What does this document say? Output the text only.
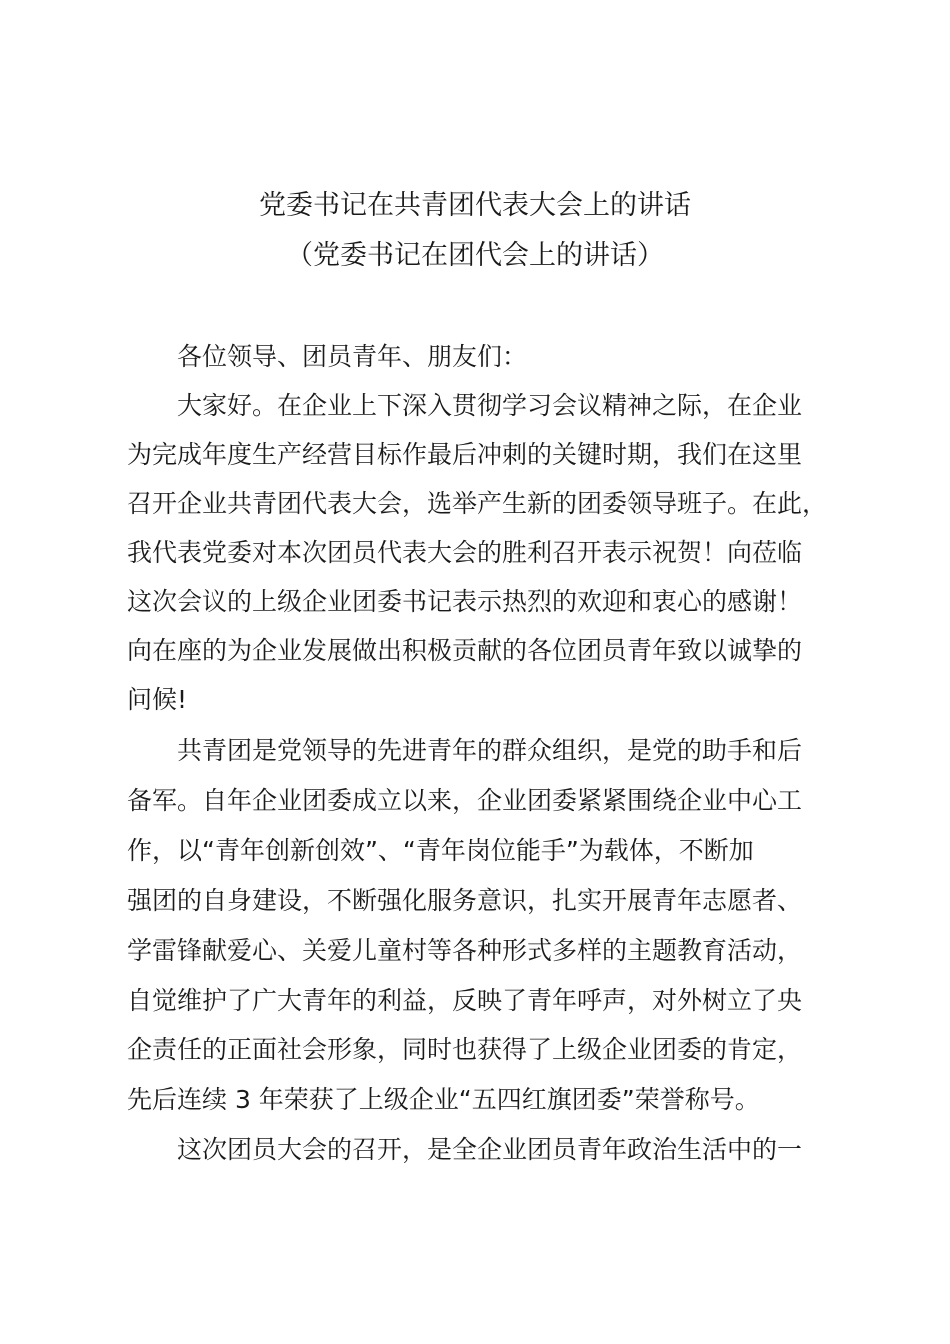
党委书记在共青团代表大会上的讲话
（党委书记在团代会上的讲话）
各位领导、团员青年、朋友们：
大家好。在企业上下深入贯彻学习会议精神之际，在企业
为完成年度生产经营目标作最后冲刺的关键时期，我们在这里
召开企业共青团代表大会，选举产生新的团委领导班子。在此，
我代表党委对本次团员代表大会的胜利召开表示祝贺！向莅临
这次会议的上级企业团委书记表示热烈的欢迎和衷心的感谢！
向在座的为企业发展做出积极贡献的各位团员青年致以诚挚的
问候!
共青团是党领导的先进青年的群众组织，是党的助手和后
备军。自年企业团委成立以来，企业团委紧紧围绕企业中心工
作，以“青年创新创效”、“青年岗位能手”为载体，不断加
强团的自身建设，不断强化服务意识，扎实开展青年志愿者、
学雷锋献爱心、关爱儿童村等各种形式多样的主题教育活动，
自觉维护了广大青年的利益，反映了青年呼声，对外树立了央
企责任的正面社会形象，同时也获得了上级企业团委的肯定，
先后连续 3 年荣获了上级企业“五四红旗团委”荣誉称号。
这次团员大会的召开，是全企业团员青年政治生活中的一
